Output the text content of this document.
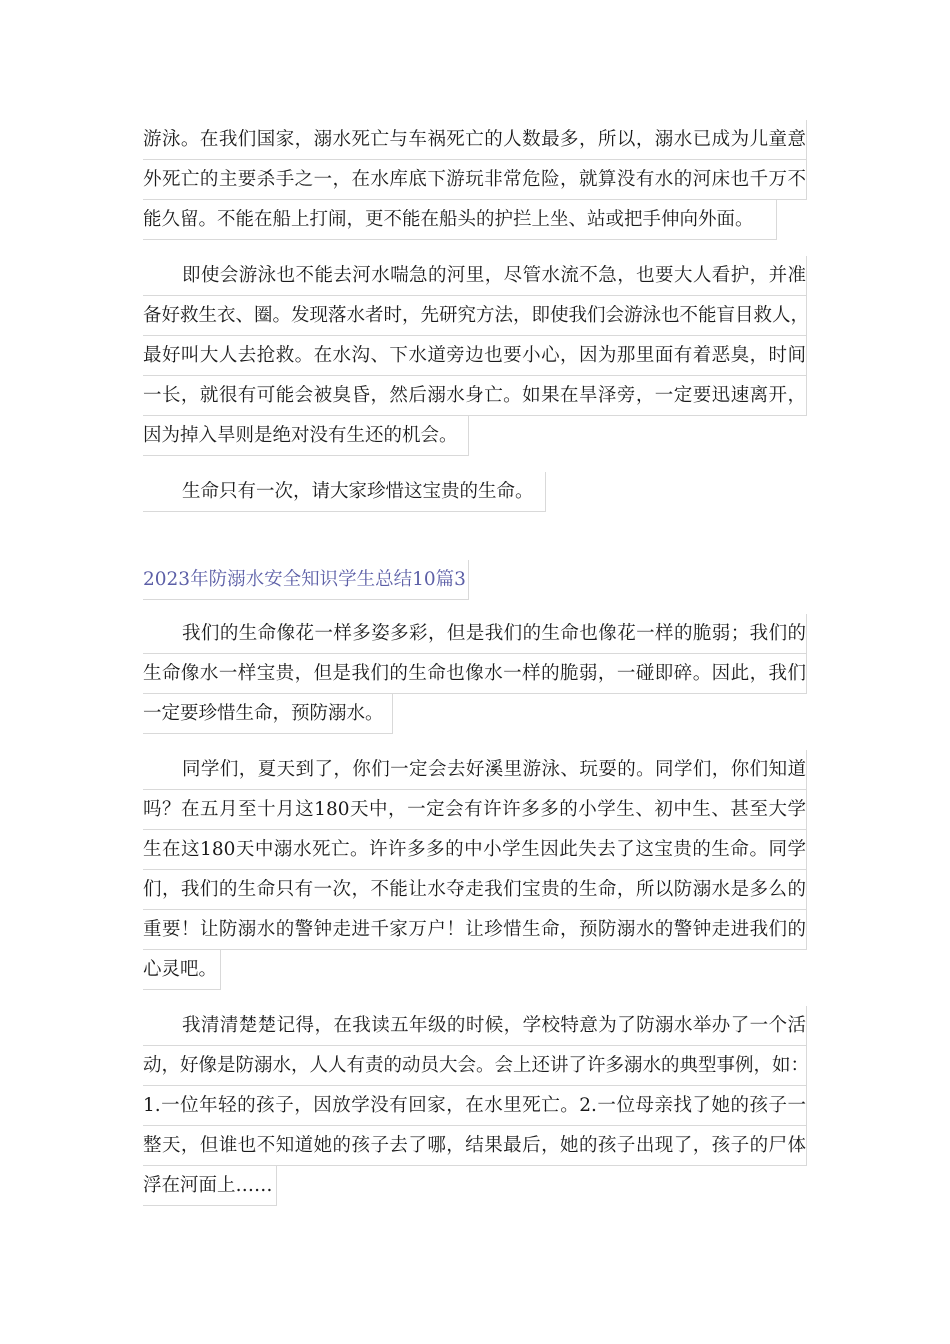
游泳。在我们国家，溺水死亡与车祸死亡的人数最多，所以，溺水已成为儿童意
外死亡的主要杀手之一，在水库底下游玩非常危险，就算没有水的河床也千万不
能久留。不能在船上打闹，更不能在船头的护拦上坐、站或把手伸向外面。
即使会游泳也不能去河水喘急的河里，尽管水流不急，也要大人看护，并准
备好救生衣、圈。发现落水者时，先研究方法，即使我们会游泳也不能盲目救人，
最好叫大人去抢救。在水沟、下水道旁边也要小心，因为那里面有着恶臭，时间
一长，就很有可能会被臭昏，然后溺水身亡。如果在旱泽旁，一定要迅速离开，
因为掉入旱则是绝对没有生还的机会。
生命只有一次，请大家珍惜这宝贵的生命。
2023年防溺水安全知识学生总结10篇3
我们的生命像花一样多姿多彩，但是我们的生命也像花一样的脆弱；我们的
生命像水一样宝贵，但是我们的生命也像水一样的脆弱，一碰即碎。因此，我们
一定要珍惜生命，预防溺水。
同学们，夏天到了，你们一定会去好溪里游泳、玩耍的。同学们，你们知道
吗？在五月至十月这180天中，一定会有许许多多的小学生、初中生、甚至大学
生在这180天中溺水死亡。许许多多的中小学生因此失去了这宝贵的生命。同学
们，我们的生命只有一次，不能让水夺走我们宝贵的生命，所以防溺水是多么的
重要！让防溺水的警钟走进千家万户！让珍惜生命，预防溺水的警钟走进我们的
心灵吧。
我清清楚楚记得，在我读五年级的时候，学校特意为了防溺水举办了一个活
动，好像是防溺水，人人有责的动员大会。会上还讲了许多溺水的典型事例，如：
1.一位年轻的孩子，因放学没有回家，在水里死亡。2.一位母亲找了她的孩子一
整天，但谁也不知道她的孩子去了哪，结果最后，她的孩子出现了，孩子的尸体
浮在河面上……
